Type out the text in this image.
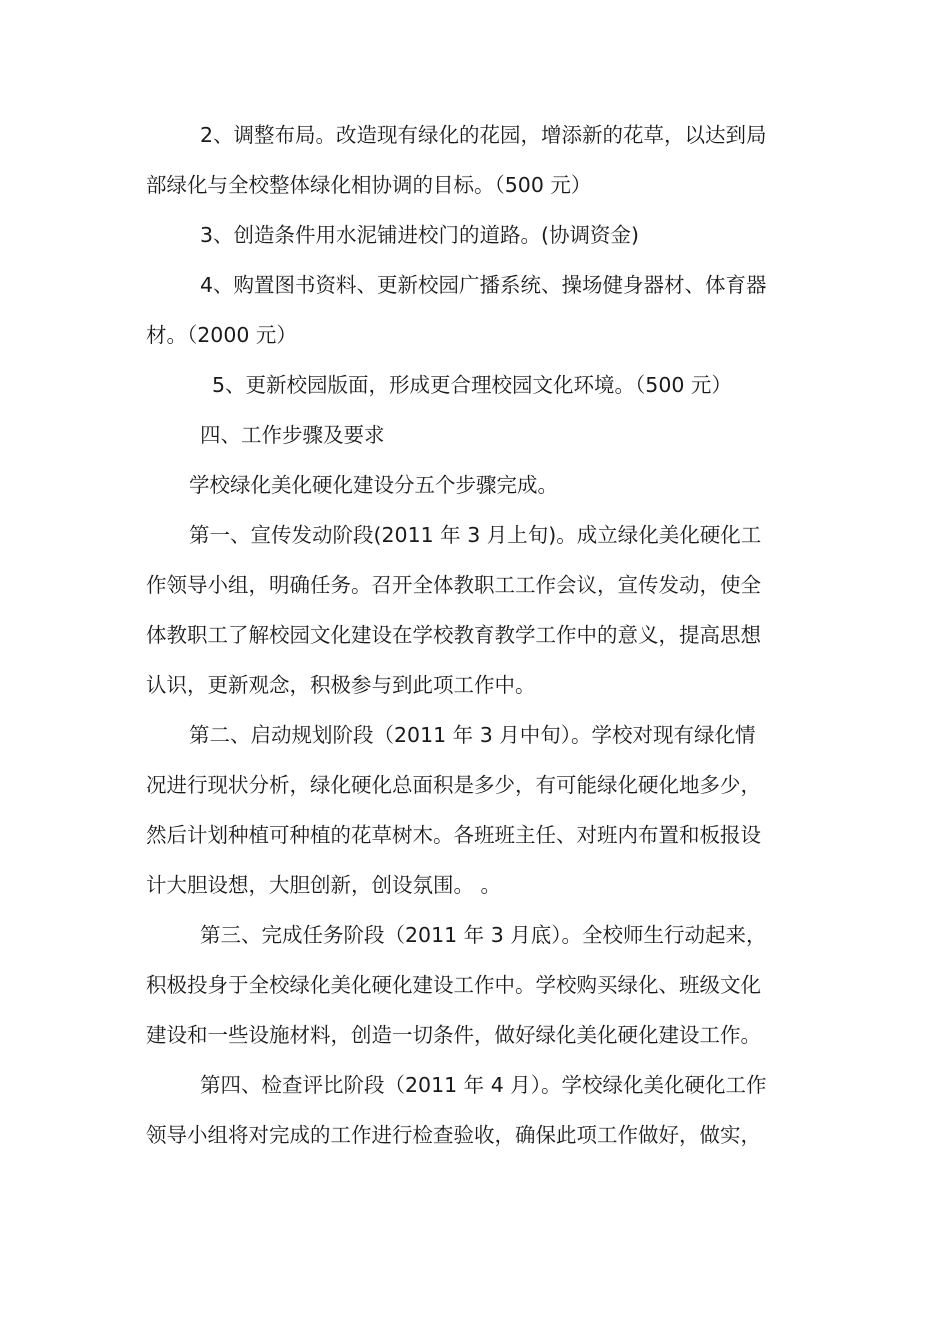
2、调整布局。改造现有绿化的花园，增添新的花草，以达到局
部绿化与全校整体绿化相协调的目标。（500 元）
3、创造条件用水泥铺进校门的道路。(协调资金)
4、购置图书资料、更新校园广播系统、操场健身器材、体育器
材。（2000 元）
5、更新校园版面，形成更合理校园文化环境。（500 元）
四、工作步骤及要求
学校绿化美化硬化建设分五个步骤完成。
第一、宣传发动阶段(2011 年 3 月上旬)。成立绿化美化硬化工
作领导小组，明确任务。召开全体教职工工作会议，宣传发动，使全
体教职工了解校园文化建设在学校教育教学工作中的意义，提高思想
认识，更新观念，积极参与到此项工作中。
第二、启动规划阶段（2011 年 3 月中旬）。学校对现有绿化情
况进行现状分析，绿化硬化总面积是多少，有可能绿化硬化地多少，
然后计划种植可种植的花草树木。各班班主任、对班内布置和板报设
计大胆设想，大胆创新，创设氛围。 。
第三、完成任务阶段（2011 年 3 月底）。全校师生行动起来，
积极投身于全校绿化美化硬化建设工作中。学校购买绿化、班级文化
建设和一些设施材料，创造一切条件，做好绿化美化硬化建设工作。
第四、检查评比阶段（2011 年 4 月）。学校绿化美化硬化工作
领导小组将对完成的工作进行检查验收，确保此项工作做好，做实，
